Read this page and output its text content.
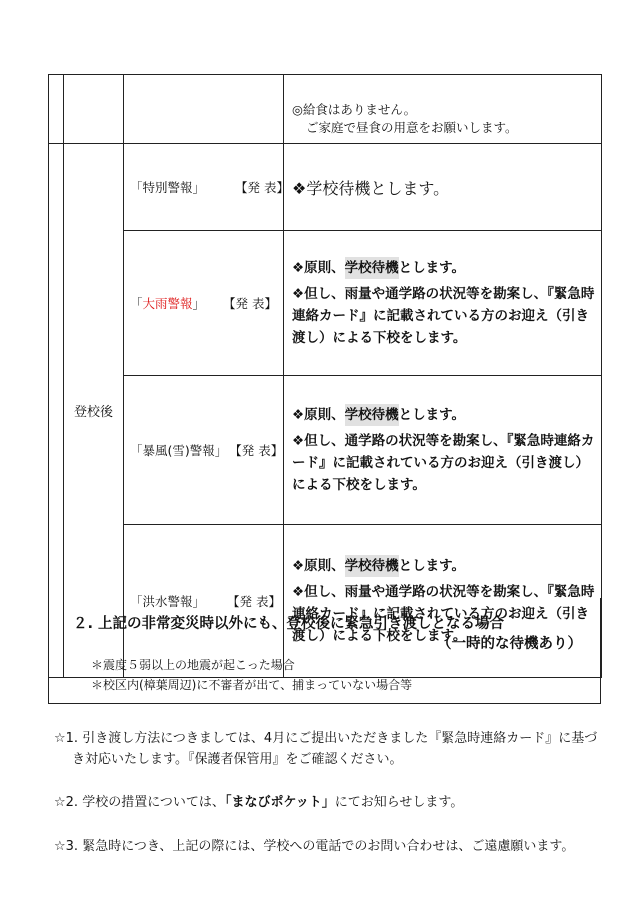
			◎給食はありません。
ご家庭で昼食の用意をお願いします。

	登校後	「特別警報」 【発 表】	❖学校待機とします。
		「大雨警報」 【発 表】	❖原則、 学校待機 とします。
❖但し、雨量や通学路の状況等を勘案し、『緊急時連絡カード』に記載されている方のお迎え（引き渡し）による下校をします。

		「暴風(雪)警報」 【発 表】	❖原則、 学校待機 とします。
❖但し、通学路の状況等を勘案し、『緊急時連絡カード』に記載されている方のお迎え（引き渡し）による下校をします。

		「洪水警報」 【発 表】	❖原則、 学校待機 とします。
❖但し、雨量や通学路の状況等を勘案し、『緊急時連絡カード』に記載されている方のお迎え（引き渡し）による下校をします。
２. 上記の非常変災時以外にも、登校後に緊急引き渡しとなる場合
（一時的な待機あり）
＊震度５弱以上の地震が起こった場合
＊校区内(樟葉周辺)に不審者が出て、捕まっていない場合等
☆1. 引き渡し方法につきましては、4月にご提出いただきました『緊急時連絡カード』に基づ
き対応いたします。『保護者保管用』をご確認ください。
☆2. 学校の措置については、「まなびポケット」にてお知らせします。
☆3. 緊急時につき、上記の際には、学校への電話でのお問い合わせは、ご遠慮願います。
